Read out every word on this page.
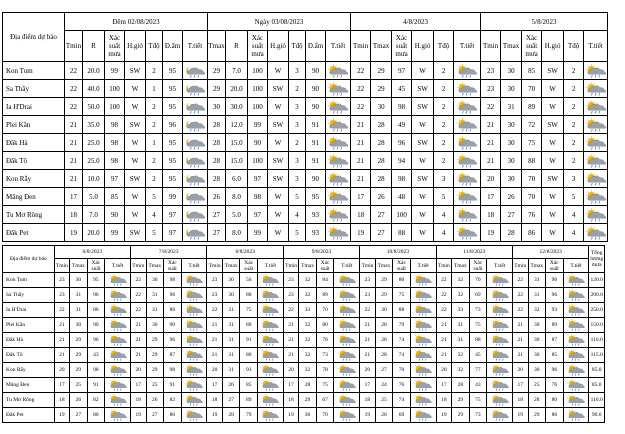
Địa điểm dự báo	Đêm 02/08/2023							Ngày 03/08/2023							4/8/2023						5/8/2023					
	Tmin	R	Xác suất mưa	H.gió	Tđộ	Đ.ẩm	T.tiết	Tmax	R	Xác suất mưa	H.gió	Tđộ	Đ.ẩm	T.tiết	Tmin	Tmax	Xác suất mưa	H.gió	Tđộ	T.tiết	Tmin	Tmax	Xác suất mưa	H.gió	Tđộ	T.tiết
Kon Tum	22	20.0	99	SW	2	95		29	7.0	100	W	3	90		22	29	97	W	2		23	30	85	SW	2	

Sa Thầy	22	40.0	100	W	1	95		29	20.0	100	SW	2	90		22	29	45	SW	2		23	30	70	W	2	

Ia H'Drai	22	50.0	100	W	2	95		30	30.0	100	W	3	90		22	30	98	SW	2		22	31	89	W	2	

Plei Kần	21	35.0	98	SW	2	96		28	12.0	99	SW	3	91		21	28	49	W	2		21	30	72	SW	2	

Đăk Hà	21	25.0	98	W	1	95		28	15.0	90	W	2	91		21	28	96	SW	2		21	30	75	W	2	

Đăk Tô	21	25.0	98	W	2	95		28	15.0	100	SW	3	91		21	28	94	W	2		21	30	88	W	2	

Kon Rẫy	21	10.0	97	SW	2	95		28	6.0	97	SW	3	90		21	28	98	SW	3		20	30	70	SW	3	

Măng Đen	17	5.0	85	W	5	99		26	8.0	98	W	5	95		17	26	48	W	5		17	26	70	W	5	

Tu Mơ Rông	18	7.0	90	W	4	97		27	5.0	97	W	4	93		18	27	100	W	4		18	27	76	W	4	

Đăk Pet	19	20.0	99	SW	5	97		27	8.0	99	W	5	93		19	27	88	W	4		19	28	86	W	4	
Địa điểm dự báo	6/8/2023				7/8/2023				8/8/2023				9/8/2023				10/8/2023				11/8/2023				12/8/2023				Tổng lượng mưa
	Tmin	Tmax	Xác suất	T.tiết	Tmin	Tmax	Xác suất	T.tiết	Tmin	Tmax	Xác suất	T.tiết	Tmin	Tmax	Xác suất	T.tiết	Tmin	Tmax	Xác suất	T.tiết	Tmin	Tmax	Xác suất	T.tiết	Tmin	Tmax	Xác suất	T.tiết	
Kon Tum	23	30	95		22	30	98		23	30	56		23	32	84		23	29	80		22	32	70		22	31	96		120.0
Sa Thầy	23	31	96		22	31	96		23	30	88		23	32	89		23	29	75		22	32	69		22	31	96		200.0
Ia H'Drai	22	31	86		22	31	86		22	31	75		22	33	70		22	30	88		22	33	73		22	32	93		250.0
Plei Kần	21	30	90		21	30	90		21	31	80		21	32	80		21	28	79		21	31	75		21	30	89		150.0
Đăk Hà	21	29	96		21	29	96		21	31	91		21	32	76		21	28	74		21	31	88		21	30	87		110.0
Đăk Tô	21	29	43		21	29	87		21	31	80		21	32	73		21	28	74		21	32	45		21	30	85		115.0
Kon Rẫy	20	29	98		20	29	98		20	31	93		20	32	78		20	27	70		20	32	77		20	30	96		85.0
Măng Đen	17	25	91		17	25	91		17	26	85		17	28	75		17	24	76		17	28	43		17	25	76		85.0
Tu Mơ Rông	18	26	82		18	26	82		18	27	89		18	29	67		18	25	74		18	29	75		18	28	80		110.0
Đăk Pet	19	27	80		19	27	80		19	28	79		19	30	70		19	26	69		19	29	73		19	29	86		90.0
